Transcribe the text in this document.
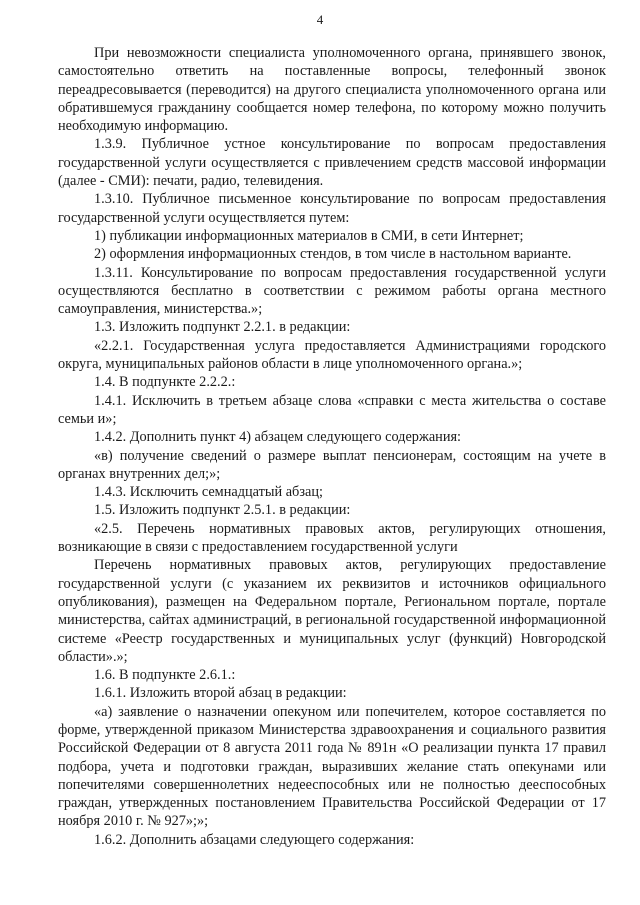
4

При невозможности специалиста уполномоченного органа, принявшего звонок, самостоятельно ответить на поставленные вопросы, телефонный звонок переадресовывается (переводится) на другого специалиста уполномоченного органа или обратившемуся гражданину сообщается номер телефона, по которому можно получить необходимую информацию.

1.3.9. Публичное устное консультирование по вопросам предоставления государственной услуги осуществляется с привлечением средств массовой информации (далее - СМИ): печати, радио, телевидения.

1.3.10. Публичное письменное консультирование по вопросам предоставления государственной услуги осуществляется путем:

1) публикации информационных материалов в СМИ, в сети Интернет;

2) оформления информационных стендов, в том числе в настольном варианте.

1.3.11. Консультирование по вопросам предоставления государственной услуги осуществляются бесплатно в соответствии с режимом работы органа местного самоуправления, министерства.»;

1.3. Изложить подпункт 2.2.1. в редакции:

«2.2.1. Государственная услуга предоставляется Администрациями городского округа, муниципальных районов области в лице уполномоченного органа.»;

1.4. В подпункте 2.2.2.:

1.4.1. Исключить в третьем абзаце слова «справки с места жительства о составе семьи и»;

1.4.2. Дополнить пункт 4) абзацем следующего содержания:

«в) получение сведений о размере выплат пенсионерам, состоящим на учете в органах внутренних дел;»;

1.4.3. Исключить семнадцатый абзац;

1.5. Изложить подпункт 2.5.1. в редакции:

«2.5. Перечень нормативных правовых актов, регулирующих отношения, возникающие в связи с предоставлением государственной услуги

Перечень нормативных правовых актов, регулирующих предоставление государственной услуги (с указанием их реквизитов и источников официального опубликования), размещен на Федеральном портале, Региональном портале, портале министерства, сайтах администраций, в региональной государственной информационной системе «Реестр государственных и муниципальных услуг (функций) Новгородской области».»;

1.6. В подпункте 2.6.1.:

1.6.1. Изложить второй абзац в редакции:

«а) заявление о назначении опекуном или попечителем, которое составляется по форме, утвержденной приказом Министерства здравоохранения и социального развития Российской Федерации от 8 августа 2011 года № 891н «О реализации пункта 17 правил подбора, учета и подготовки граждан, выразивших желание стать опекунами или попечителями совершеннолетних недееспособных или не полностью дееспособных граждан, утвержденных постановлением Правительства Российской Федерации от 17 ноября 2010 г. № 927»;»;

1.6.2. Дополнить абзацами следующего содержания:
